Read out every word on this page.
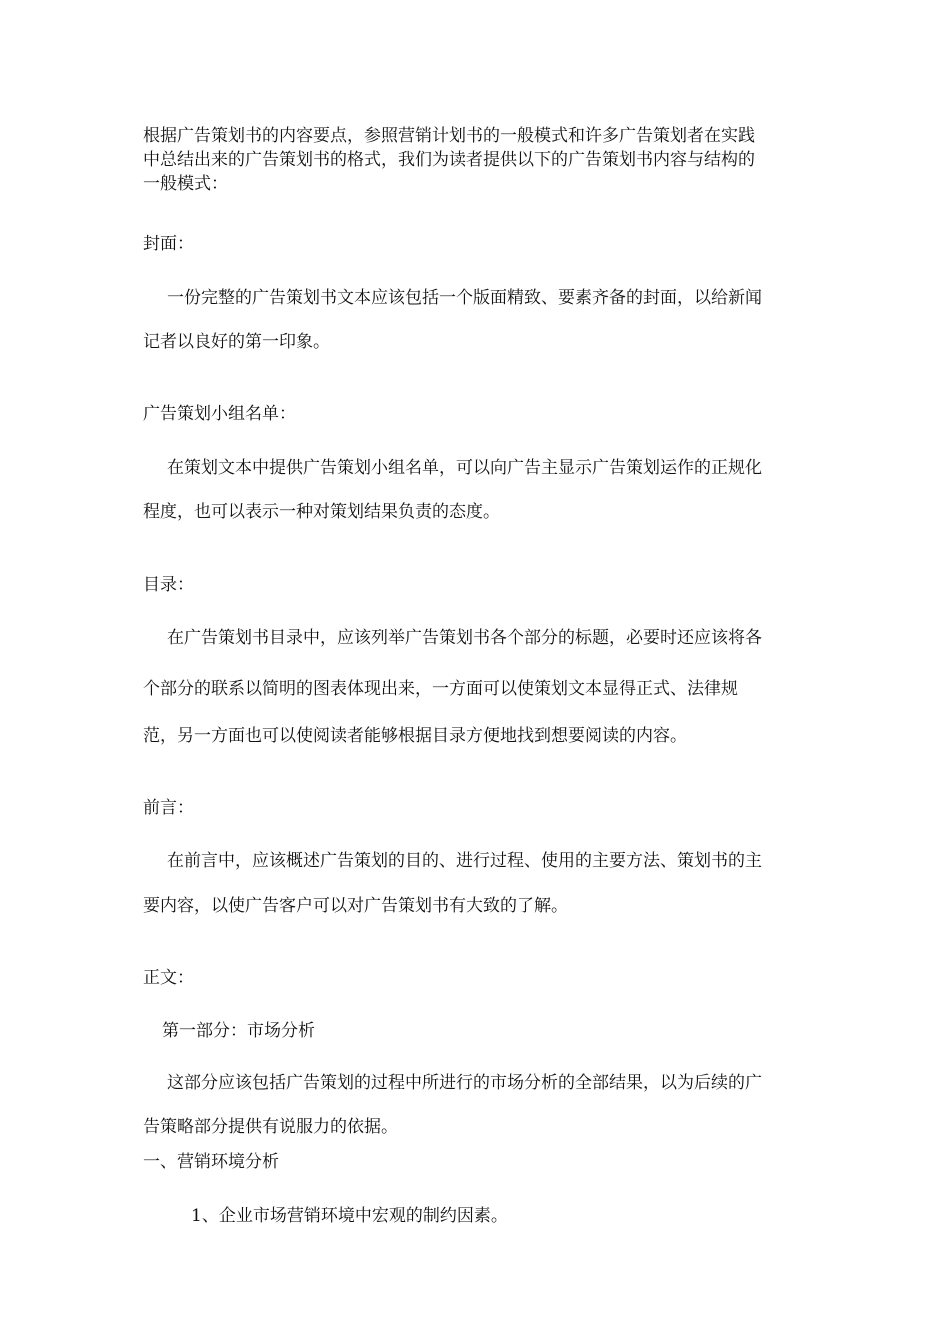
根据广告策划书的内容要点，参照营销计划书的一般模式和许多广告策划者在实践
中总结出来的广告策划书的格式，我们为读者提供以下的广告策划书内容与结构的
一般模式：
封面：
一份完整的广告策划书文本应该包括一个版面精致、要素齐备的封面，以给新闻
记者以良好的第一印象。
广告策划小组名单：
在策划文本中提供广告策划小组名单，可以向广告主显示广告策划运作的正规化
程度，也可以表示一种对策划结果负责的态度。
目录：
在广告策划书目录中，应该列举广告策划书各个部分的标题，必要时还应该将各
个部分的联系以简明的图表体现出来，一方面可以使策划文本显得正式、法律规
范，另一方面也可以使阅读者能够根据目录方便地找到想要阅读的内容。
前言：
在前言中，应该概述广告策划的目的、进行过程、使用的主要方法、策划书的主
要内容，以使广告客户可以对广告策划书有大致的了解。
正文：
第一部分：市场分析
这部分应该包括广告策划的过程中所进行的市场分析的全部结果，以为后续的广
告策略部分提供有说服力的依据。
一、营销环境分析
1、企业市场营销环境中宏观的制约因素。
